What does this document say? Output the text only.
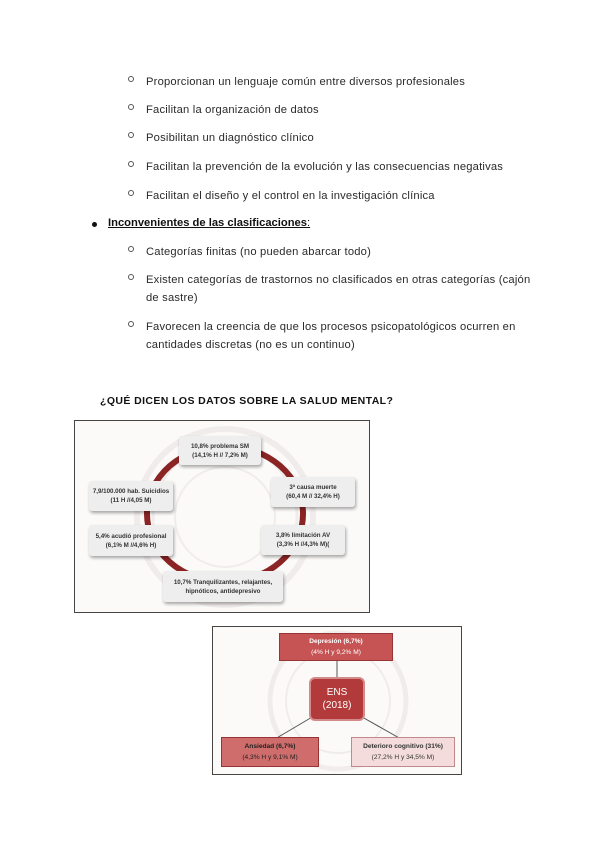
Proporcionan un lenguaje común entre diversos profesionales
Facilitan la organización de datos
Posibilitan un diagnóstico clínico
Facilitan la prevención de la evolución y las consecuencias negativas
Facilitan el diseño y el control en la investigación clínica
Inconvenientes de las clasificaciones:
Categorías finitas (no pueden abarcar todo)
Existen categorías de trastornos no clasificados en otras categorías (cajón de sastre)
Favorecen la creencia de que los procesos psicopatológicos ocurren en cantidades discretas (no es un continuo)
¿QUÉ DICEN LOS DATOS SOBRE LA SALUD MENTAL?
10,8% problema SM
(14,1% H // 7,2% M)
3ª causa muerte
(60,4 M // 32,4% H)
3,8% limitación AV
(3,3% H //4,3% M)(
10,7% Tranquilizantes, relajantes,
hipnóticos, antidepresivo
5,4% acudió profesional
(6,1% M //4,6% H)
7,9/100.000 hab. Suicidios
(11 H //4,05 M)
Depresión (6,7%)
(4% H y 9,2% M)
ENS
(2018)
Ansiedad (6,7%)
(4,3% H y 9,1% M)
Deterioro cognitivo (31%)
(27,2% H y 34,5% M)
